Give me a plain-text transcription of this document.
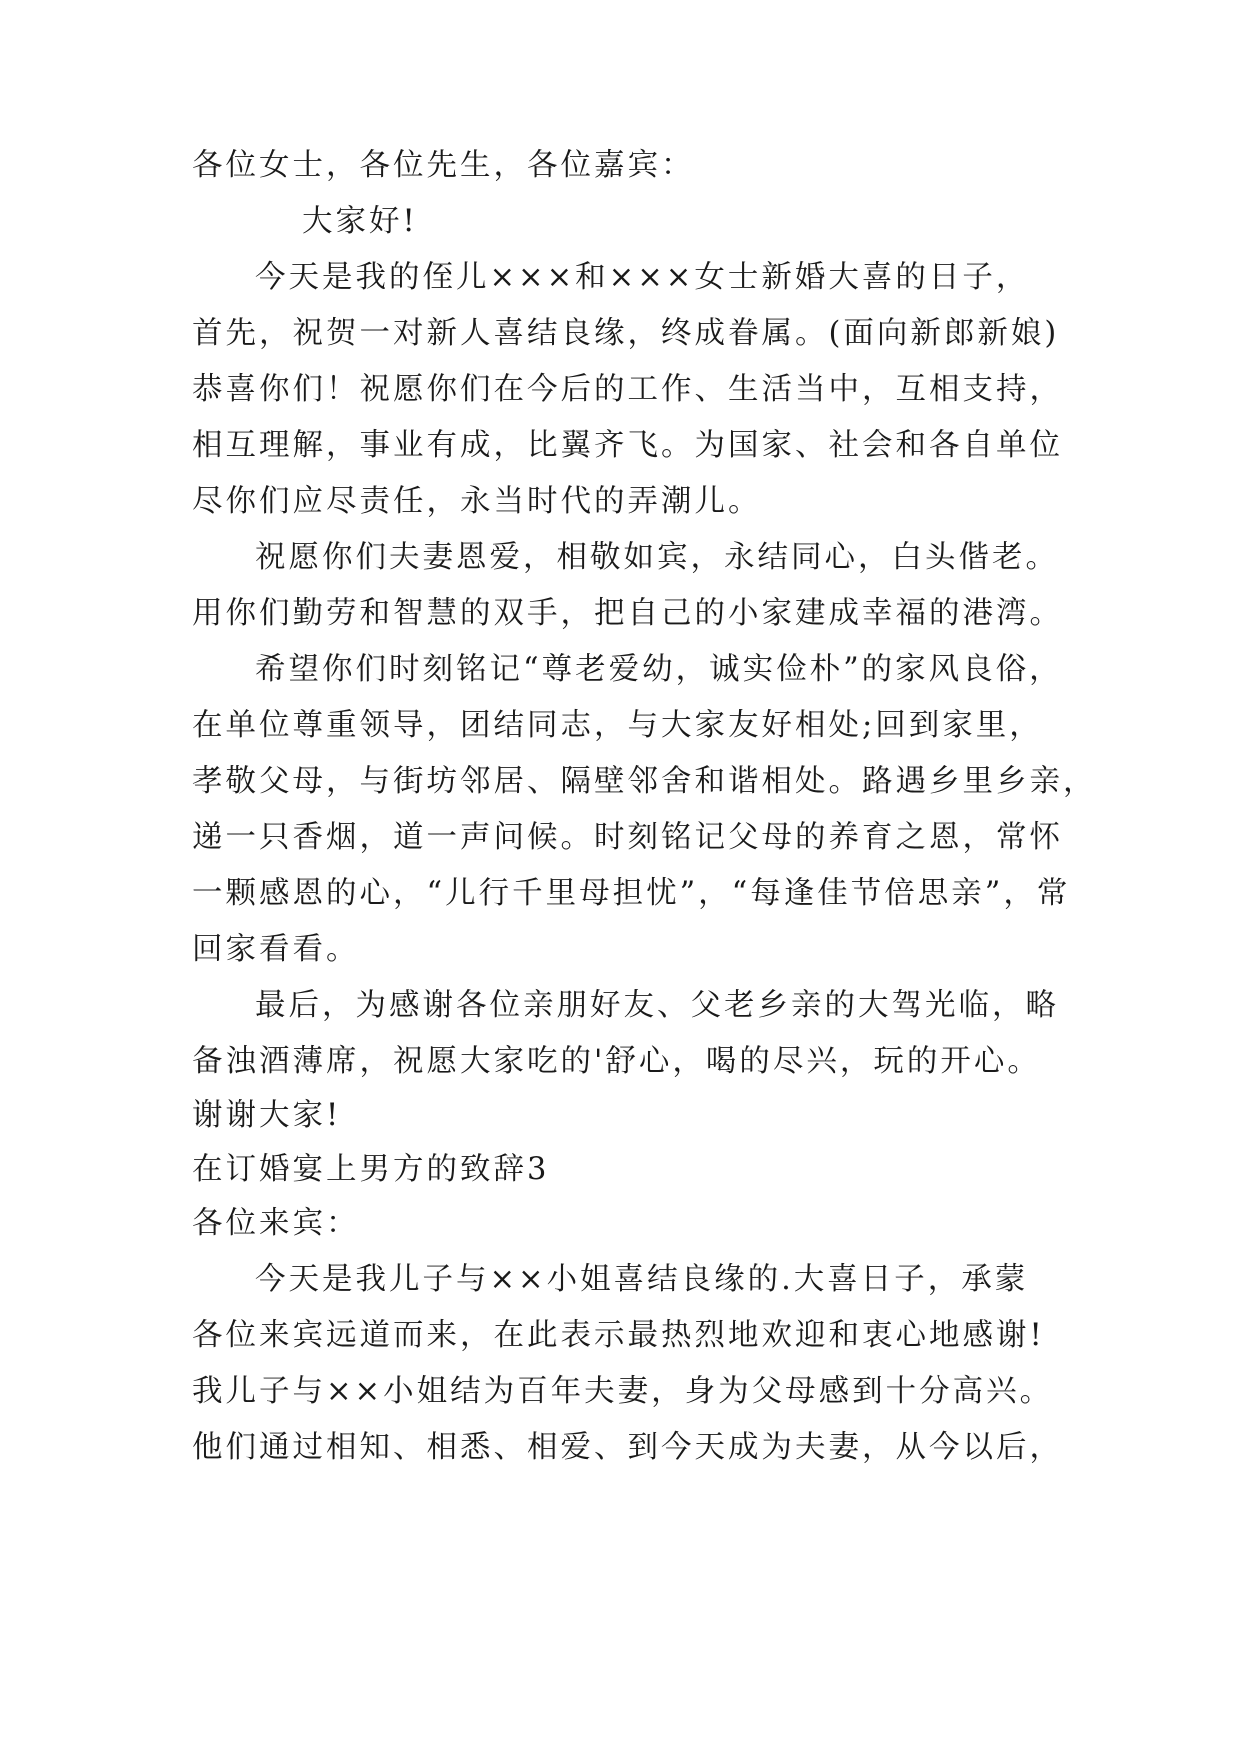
各位女士，各位先生，各位嘉宾：

大家好!

今天是我的侄儿×××和×××女士新婚大喜的日子，

首先，祝贺一对新人喜结良缘，终成眷属。(面向新郎新娘)

恭喜你们！祝愿你们在今后的工作、生活当中，互相支持，

相互理解，事业有成，比翼齐飞。为国家、社会和各自单位

尽你们应尽责任，永当时代的弄潮儿。

祝愿你们夫妻恩爱，相敬如宾，永结同心，白头偕老。

用你们勤劳和智慧的双手，把自己的小家建成幸福的港湾。

希望你们时刻铭记“尊老爱幼，诚实俭朴”的家风良俗，

在单位尊重领导，团结同志，与大家友好相处;回到家里，

孝敬父母，与街坊邻居、隔壁邻舍和谐相处。路遇乡里乡亲，

递一只香烟，道一声问候。时刻铭记父母的养育之恩，常怀

一颗感恩的心，“儿行千里母担忧”，“每逢佳节倍思亲”，常

回家看看。

最后，为感谢各位亲朋好友、父老乡亲的大驾光临，略

备浊酒薄席，祝愿大家吃的'舒心，喝的尽兴，玩的开心。

谢谢大家!

在订婚宴上男方的致辞3

各位来宾：

今天是我儿子与××小姐喜结良缘的.大喜日子，承蒙

各位来宾远道而来，在此表示最热烈地欢迎和衷心地感谢!

我儿子与××小姐结为百年夫妻，身为父母感到十分高兴。

他们通过相知、相悉、相爱、到今天成为夫妻，从今以后，
